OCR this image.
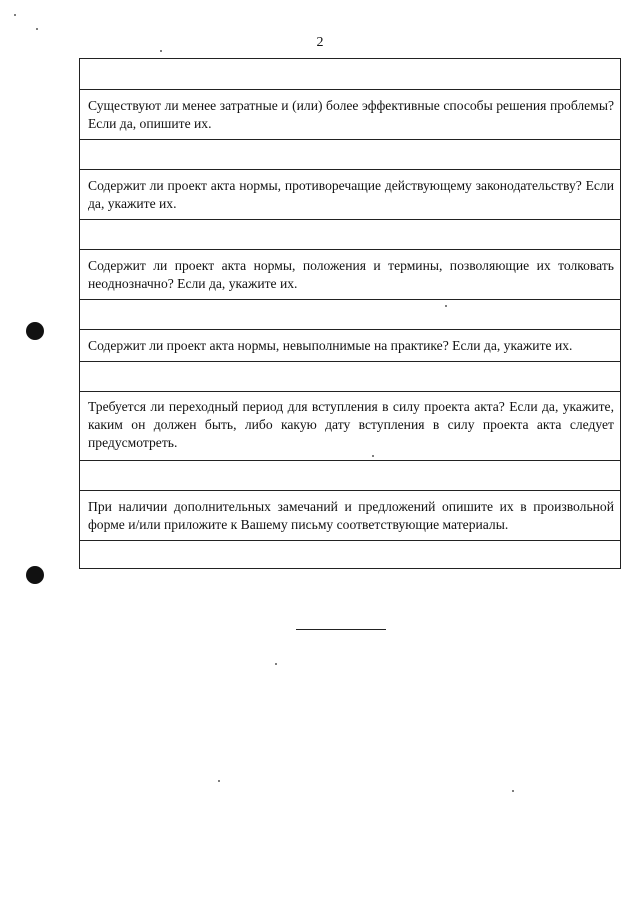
2
Существуют ли менее затратные и (или) более эффективные способы решения проблемы? Если да, опишите их.
Содержит ли проект акта нормы, противоречащие действующему законодательству? Если да, укажите их.
Содержит ли проект акта нормы, положения и термины, позволяющие их толковать неоднозначно? Если да, укажите их.
Содержит ли проект акта нормы, невыполнимые на практике? Если да, укажите их.
Требуется ли переходный период для вступления в силу проекта акта? Если да, укажите, каким он должен быть, либо какую дату вступления в силу проекта акта следует предусмотреть.
При наличии дополнительных замечаний и предложений опишите их в произвольной форме и/или приложите к Вашему письму соответствующие материалы.
